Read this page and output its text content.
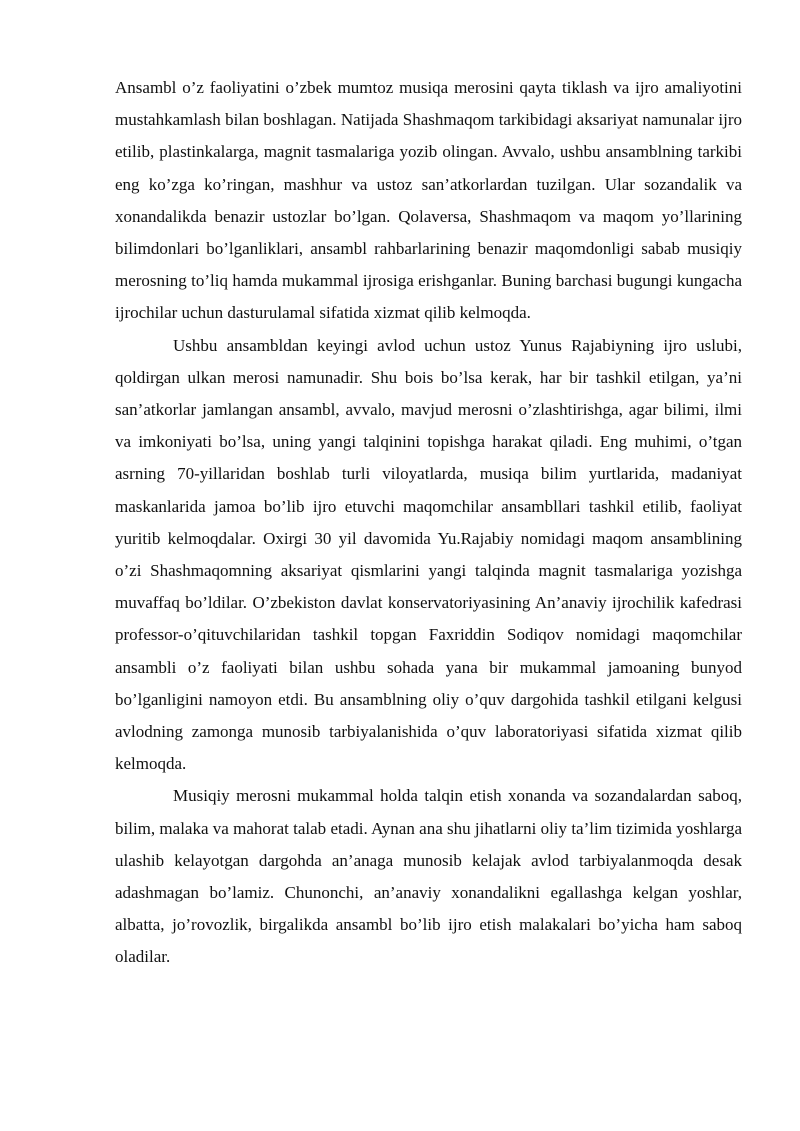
Ansambl o’z faoliyatini o’zbek mumtoz musiqa merosini qayta tiklash va ijro amaliyotini mustahkamlash bilan boshlagan. Natijada Shashmaqom tarkibidagi aksariyat namunalar ijro etilib, plastinkalarga, magnit tasmalariga yozib olingan. Avvalo, ushbu ansamblning tarkibi eng ko’zga ko’ringan, mashhur va ustoz san’atkorlardan tuzilgan. Ular sozandalik va xonandalikda benazir ustozlar bo’lgan. Qolaversa, Shashmaqom va maqom yo’llarining bilimdonlari bo’lganliklari, ansambl rahbarlarining benazir maqomdonligi sabab musiqiy merosning to’liq hamda mukammal ijrosiga erishganlar. Buning barchasi bugungi kungacha ijrochilar uchun dasturulamal sifatida xizmat qilib kelmoqda.

Ushbu ansambldan keyingi avlod uchun ustoz Yunus Rajabiyning ijro uslubi, qoldirgan ulkan merosi namunadir. Shu bois bo’lsa kerak, har bir tashkil etilgan, ya’ni san’atkorlar jamlangan ansambl, avvalo, mavjud merosni o’zlashtirishga, agar bilimi, ilmi va imkoniyati bo’lsa, uning yangi talqinini topishga harakat qiladi. Eng muhimi, o’tgan asrning 70-yillaridan boshlab turli viloyatlarda, musiqa bilim yurtlarida, madaniyat maskanlarida jamoa bo’lib ijro etuvchi maqomchilar ansambllari tashkil etilib, faoliyat yuritib kelmoqdalar. Oxirgi 30 yil davomida Yu.Rajabiy nomidagi maqom ansamblining o’zi Shashmaqomning aksariyat qismlarini yangi talqinda magnit tasmalariga yozishga muvaffaq bo’ldilar. O’zbekiston davlat konservatoriyasining An’anaviy ijrochilik kafedrasi professor-o’qituvchilaridan tashkil topgan Faxriddin Sodiqov nomidagi maqomchilar ansambli o’z faoliyati bilan ushbu sohada yana bir mukammal jamoaning bunyod bo’lganligini namoyon etdi. Bu ansamblning oliy o’quv dargohida tashkil etilgani kelgusi avlodning zamonga munosib tarbiyalanishida o’quv laboratoriyasi sifatida xizmat qilib kelmoqda.

Musiqiy merosni mukammal holda talqin etish xonanda va sozandalardan saboq, bilim, malaka va mahorat talab etadi. Aynan ana shu jihatlarni oliy ta’lim tizimida yoshlarga ulashib kelayotgan dargohda an’anaga munosib kelajak avlod tarbiyalanmoqda desak adashmagan bo’lamiz. Chunonchi, an’anaviy xonandalikni egallashga kelgan yoshlar, albatta, jo’rovozlik, birgalikda ansambl bo’lib ijro etish malakalari bo’yicha ham saboq oladilar.
